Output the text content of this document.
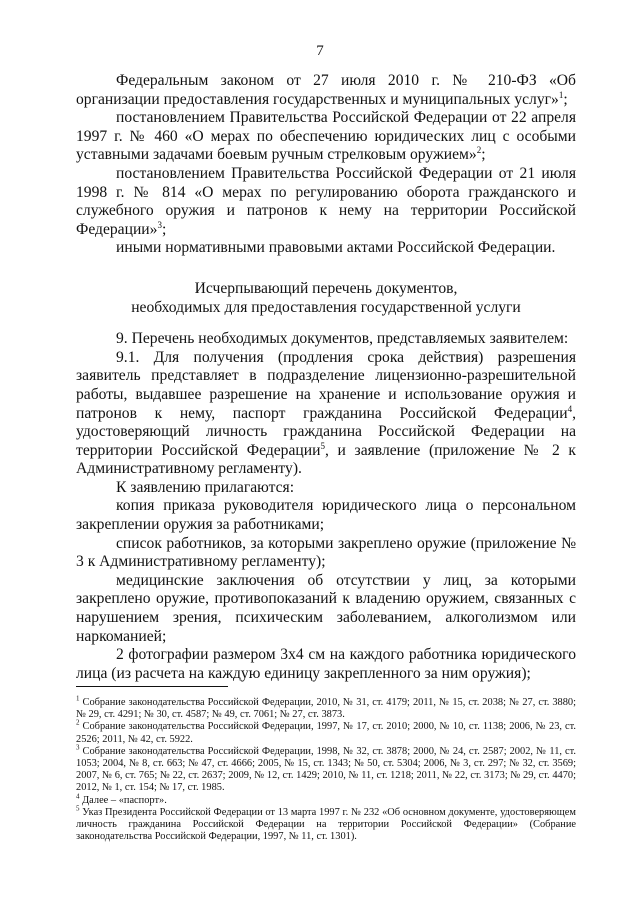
7

Федеральным законом от 27 июля 2010 г. № 210-ФЗ «Об организации предоставления государственных и муниципальных услуг»$^1$;

постановлением Правительства Российской Федерации от 22 апреля 1997 г. № 460 «О мерах по обеспечению юридических лиц с особыми уставными задачами боевым ручным стрелковым оружием»$^2$;

постановлением Правительства Российской Федерации от 21 июля 1998 г. № 814 «О мерах по регулированию оборота гражданского и служебного оружия и патронов к нему на территории Российской Федерации»$^3$;

иными нормативными правовыми актами Российской Федерации.

Исчерпывающий перечень документов,
необходимых для предоставления государственной услуги

9. Перечень необходимых документов, представляемых заявителем:

9.1. Для получения (продления срока действия) разрешения заявитель представляет в подразделение лицензионно-разрешительной работы, выдавшее разрешение на хранение и использование оружия и патронов к нему, паспорт гражданина Российской Федерации$^4$, удостоверяющий личность гражданина Российской Федерации на территории Российской Федерации$^5$, и заявление (приложение № 2 к Административному регламенту).

К заявлению прилагаются:

копия приказа руководителя юридического лица о персональном закреплении оружия за работниками;

список работников, за которыми закреплено оружие (приложение № 3 к Административному регламенту);

медицинские заключения об отсутствии у лиц, за которыми закреплено оружие, противопоказаний к владению оружием, связанных с нарушением зрения, психическим заболеванием, алкоголизмом или наркоманией;

2 фотографии размером 3х4 см на каждого работника юридического лица (из расчета на каждую единицу закрепленного за ним оружия);

$^1$ Собрание законодательства Российской Федерации, 2010, № 31, ст. 4179; 2011, № 15, ст. 2038; № 27, ст. 3880; № 29, ст. 4291; № 30, ст. 4587; № 49, ст. 7061; № 27, ст. 3873.

$^2$ Собрание законодательства Российской Федерации, 1997, № 17, ст. 2010; 2000, № 10, ст. 1138; 2006, № 23, ст. 2526; 2011, № 42, ст. 5922.

$^3$ Собрание законодательства Российской Федерации, 1998, № 32, ст. 3878; 2000, № 24, ст. 2587; 2002, № 11, ст. 1053; 2004, № 8, ст. 663; № 47, ст. 4666; 2005, № 15, ст. 1343; № 50, ст. 5304; 2006, № 3, ст. 297; № 32, ст. 3569; 2007, № 6, ст. 765; № 22, ст. 2637; 2009, № 12, ст. 1429; 2010, № 11, ст. 1218; 2011, № 22, ст. 3173; № 29, ст. 4470; 2012, № 1, ст. 154; № 17, ст. 1985.

$^4$ Далее – «паспорт».

$^5$ Указ Президента Российской Федерации от 13 марта 1997 г. № 232 «Об основном документе, удостоверяющем личность гражданина Российской Федерации на территории Российской Федерации» (Собрание законодательства Российской Федерации, 1997, № 11, ст. 1301).
